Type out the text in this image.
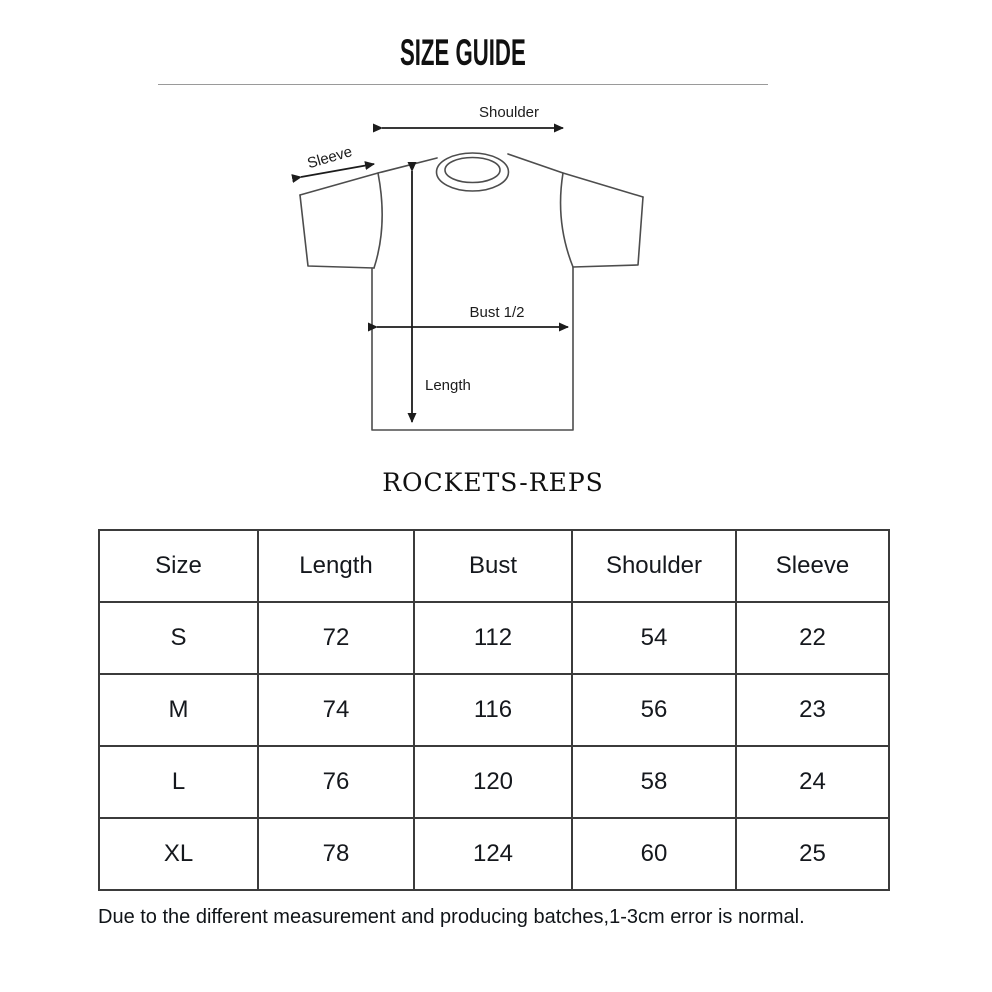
SIZE GUIDE
Shoulder
Sleeve
Bust 1/2
Length
ROCKETS-REPS
Size	Length	Bust	Shoulder	Sleeve
S	72	112	54	22
M	74	116	56	23
L	76	120	58	24
XL	78	124	60	25
Due to the different measurement and producing batches,1-3cm error is normal.
